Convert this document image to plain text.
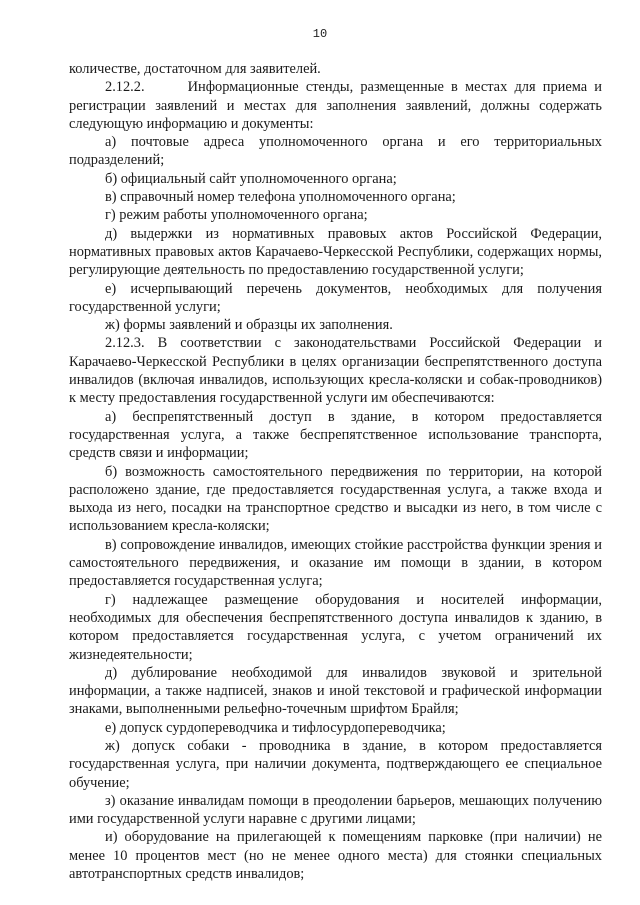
10

количестве, достаточном для заявителей.

2.12.2.      Информационные стенды, размещенные в местах для приема и регистрации заявлений и местах для заполнения заявлений, должны содержать следующую информацию и документы:

а) почтовые адреса уполномоченного органа и его территориальных подразделений;

б) официальный сайт уполномоченного органа;

в) справочный номер телефона уполномоченного органа;

г) режим работы уполномоченного органа;

д) выдержки из нормативных правовых актов Российской Федерации, нормативных правовых актов Карачаево-Черкесской Республики, содержащих нормы, регулирующие деятельность по предоставлению государственной услуги;

е) исчерпывающий перечень документов, необходимых для получения государственной услуги;

ж) формы заявлений и образцы их заполнения.

2.12.3. В соответствии с законодательствами Российской Федерации и Карачаево-Черкесской Республики в целях организации беспрепятственного доступа инвалидов (включая инвалидов, использующих кресла-коляски и собак-проводников) к месту предоставления государственной услуги им обеспечиваются:

а) беспрепятственный доступ в здание, в котором предоставляется государственная услуга, а также беспрепятственное использование транспорта, средств связи и информации;

б) возможность самостоятельного передвижения по территории, на которой расположено здание, где предоставляется государственная услуга, а также входа и выхода из него, посадки на транспортное средство и высадки из него, в том числе с использованием кресла-коляски;

в) сопровождение инвалидов, имеющих стойкие расстройства функции зрения и самостоятельного передвижения, и оказание им помощи в здании, в котором предоставляется государственная услуга;

г) надлежащее размещение оборудования и носителей информации, необходимых для обеспечения беспрепятственного доступа инвалидов к зданию, в котором предоставляется государственная услуга, с учетом ограничений их жизнедеятельности;

д) дублирование необходимой для инвалидов звуковой и зрительной информации, а также надписей, знаков и иной текстовой и графической информации знаками, выполненными рельефно-точечным шрифтом Брайля;

е) допуск сурдопереводчика и тифлосурдопереводчика;

ж) допуск собаки - проводника в здание, в котором предоставляется государственная услуга, при наличии документа, подтверждающего ее специальное обучение;

з) оказание инвалидам помощи в преодолении барьеров, мешающих получению ими государственной услуги наравне с другими лицами;

и) оборудование на прилегающей к помещениям парковке (при наличии) не менее 10 процентов мест (но не менее одного места) для стоянки специальных автотранспортных средств инвалидов;
